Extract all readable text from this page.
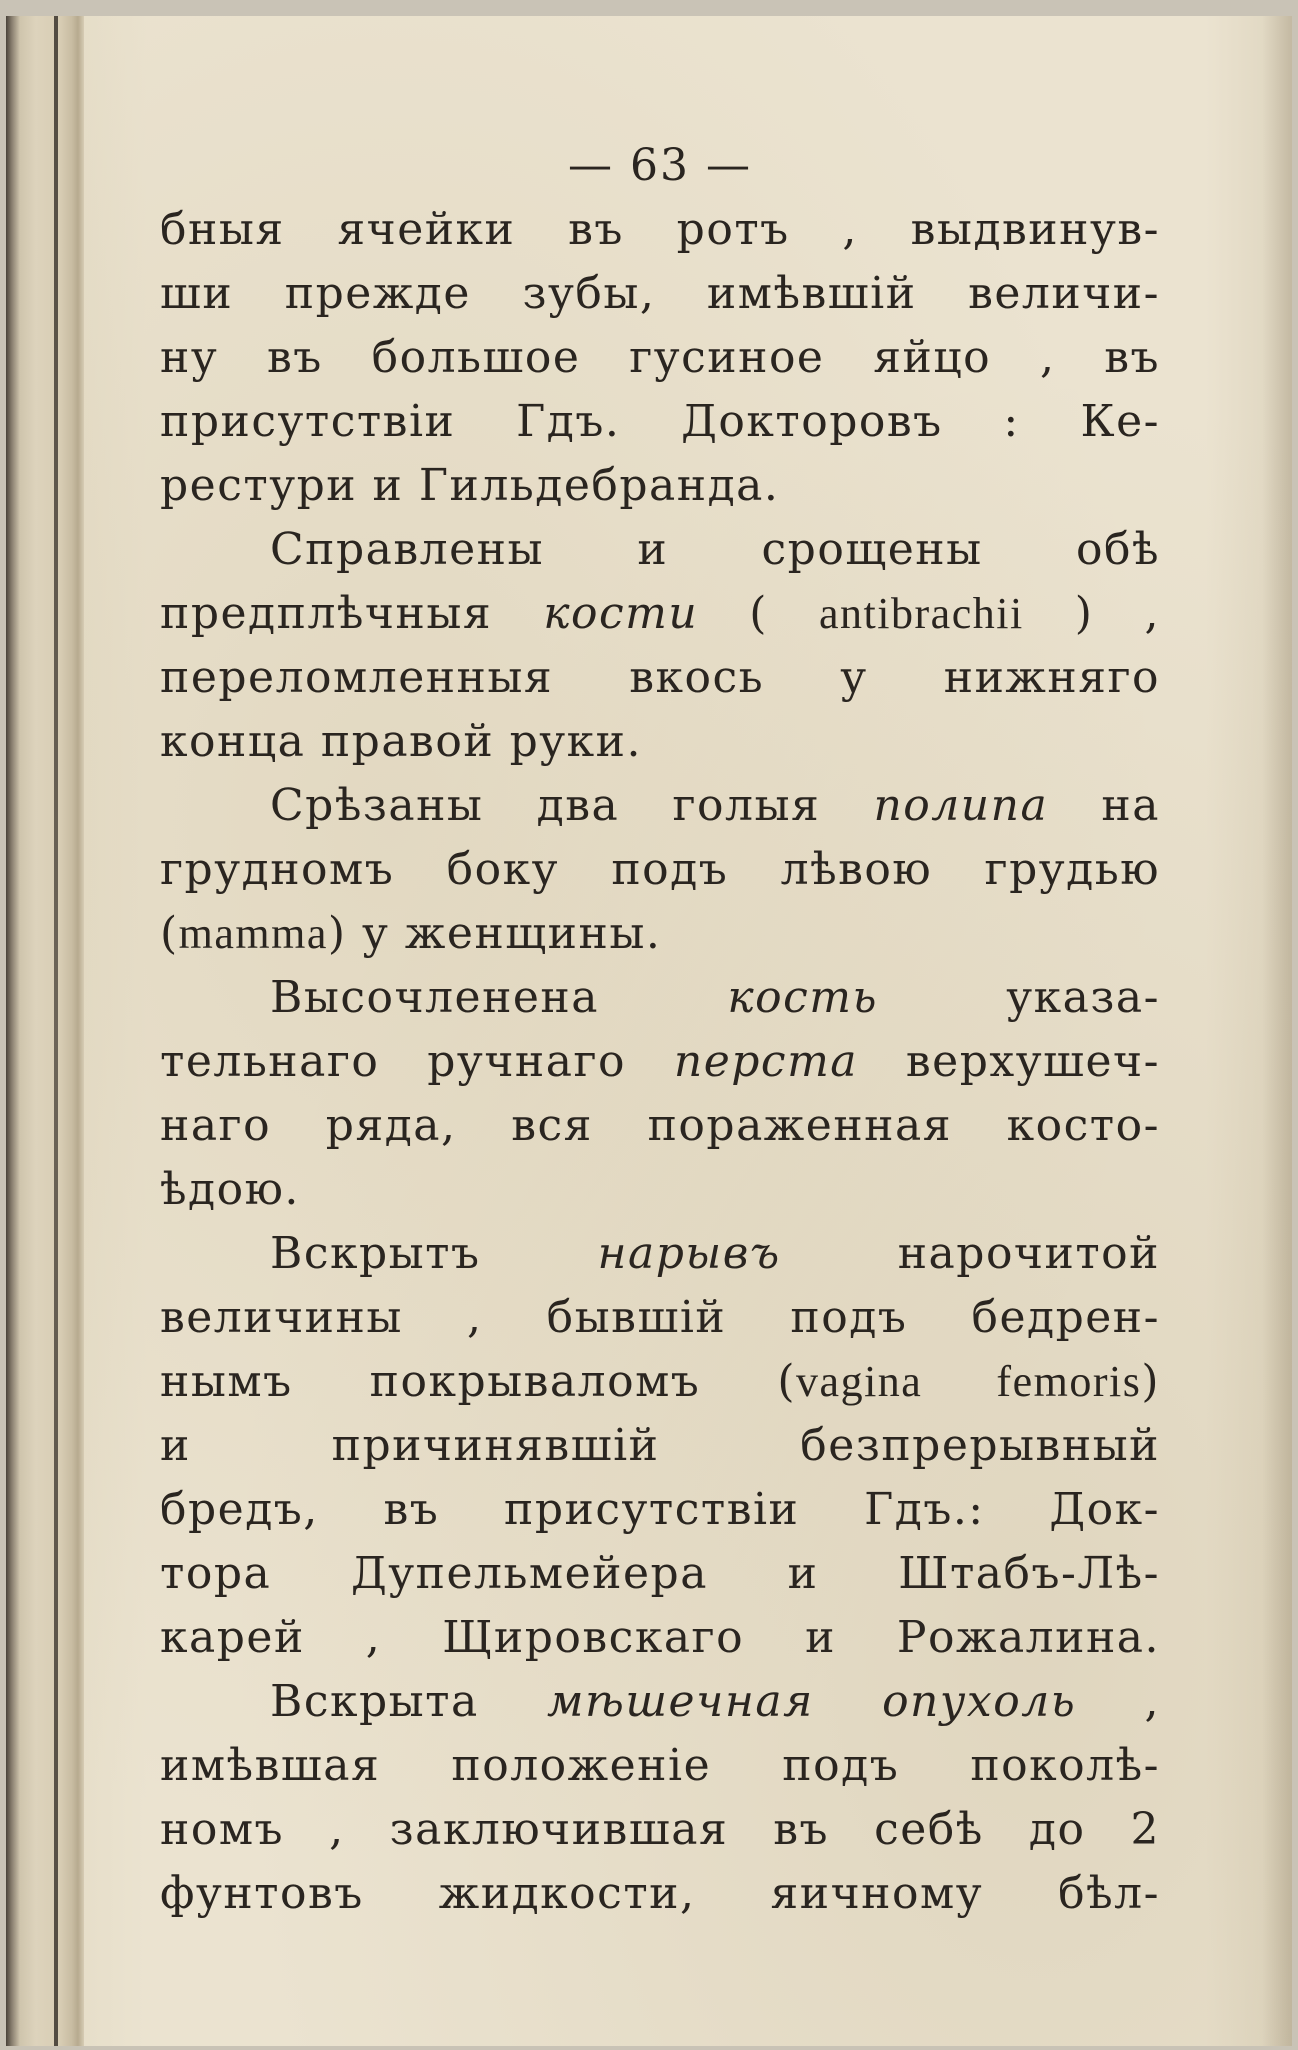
— 63 —
бныя ячейки въ ротъ , выдвинув-
ши прежде зубы, имѣвшій величи-
ну въ большое гусиное яйцо , въ
присутствіи Гдъ. Докторовъ : Ке-
рестури и Гильдебранда.
Справлены и срощены обѣ
предплѣчныя кости ( antibrachii ) ,
переломленныя вкось у нижняго
конца правой руки.
Срѣзаны два голыя полипа на
грудномъ боку подъ лѣвою грудью
(mamma) у женщины.
Высочленена кость указа-
тельнаго ручнаго перста верхушеч-
наго ряда, вся пораженная костo-
ѣдою.
Вскрытъ нарывъ нарочитой
величины , бывшій подъ бедрен-
нымъ покрываломъ (vagina femoris)
и причинявшій безпрерывный
бредъ, въ присутствіи Гдъ.: Док-
тора Дупельмейера и Штабъ-Лѣ-
карей , Щировскаго и Рожалина.
Вскрыта мѣшечная опухоль ,
имѣвшая положеніе подъ поколѣ-
номъ , заключившая въ себѣ до 2
фунтовъ жидкости, яичному бѣл-
